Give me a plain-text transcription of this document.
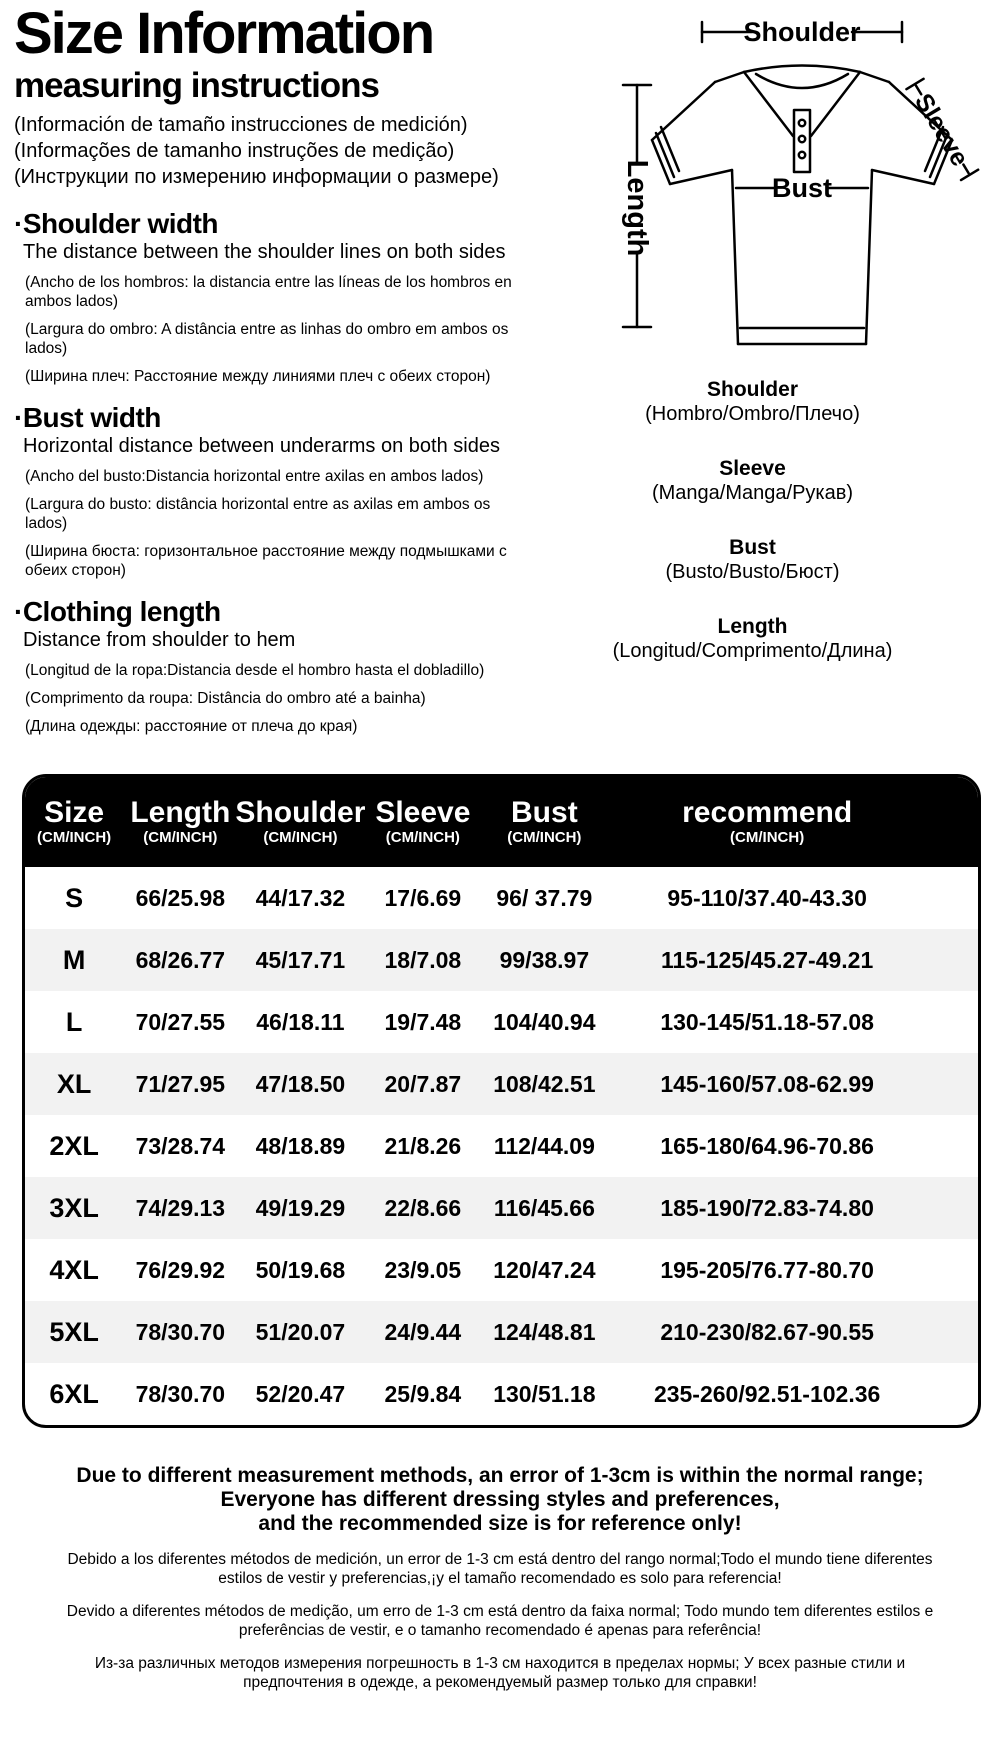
Size Information
measuring instructions

(Información de tamaño instrucciones de medición)

(Informações de tamanho instruções de medição)

(Инструкции по измерению информации о размере)

·Shoulder width

The distance between the shoulder lines on both sides

(Ancho de los hombros: la distancia entre las líneas de los hombros en ambos lados)

(Largura do ombro: A distância entre as linhas do ombro em ambos os lados)

(Ширина плеч: Расстояние между линиями плеч с обеих сторон)

·Bust width

Horizontal distance between underarms on both sides

(Ancho del busto:Distancia horizontal entre axilas en ambos lados)

(Largura do busto: distância horizontal entre as axilas em ambos os lados)

(Ширина бюста: горизонтальное расстояние между подмышками с обеих сторон)

·Clothing length

Distance from shoulder to hem

(Longitud de la ropa:Distancia desde el hombro hasta el dobladillo)

(Comprimento da roupa: Distância do ombro até a bainha)

(Длина одежды: расстояние от плеча до края)

Shoulder
Length
Sleeve
Bust
Shoulder
(Hombro/Ombro/Плечо)
Sleeve
(Manga/Manga/Рукав)
Bust
(Busto/Busto/Бюст)
Length
(Longitud/Comprimento/Длина)
Size
(CM/INCH)
Length
(CM/INCH)
Shoulder
(CM/INCH)
Sleeve
(CM/INCH)
Bust
(CM/INCH)
recommend
(CM/INCH)
S	66/25.98	44/17.32	17/6.69	96/ 37.79	95-110/37.40-43.30
M	68/26.77	45/17.71	18/7.08	99/38.97	115-125/45.27-49.21
L	70/27.55	46/18.11	19/7.48	104/40.94	130-145/51.18-57.08
XL	71/27.95	47/18.50	20/7.87	108/42.51	145-160/57.08-62.99
2XL	73/28.74	48/18.89	21/8.26	112/44.09	165-180/64.96-70.86
3XL	74/29.13	49/19.29	22/8.66	116/45.66	185-190/72.83-74.80
4XL	76/29.92	50/19.68	23/9.05	120/47.24	195-205/76.77-80.70
5XL	78/30.70	51/20.07	24/9.44	124/48.81	210-230/82.67-90.55
6XL	78/30.70	52/20.47	25/9.84	130/51.18	235-260/92.51-102.36

Due to different measurement methods, an error of 1-3cm is within the normal range;

Everyone has different dressing styles and preferences,

and the recommended size is for reference only!

Debido a los diferentes métodos de medición, un error de 1-3 cm está dentro del rango normal;Todo el mundo tiene diferentes estilos de vestir y preferencias,¡y el tamaño recomendado es solo para referencia!

Devido a diferentes métodos de medição, um erro de 1-3 cm está dentro da faixa normal; Todo mundo tem diferentes estilos e preferências de vestir, e o tamanho recomendado é apenas para referência!

Из-за различных методов измерения погрешность в 1-3 см находится в пределах нормы; У всех разные стили и предпочтения в одежде, а рекомендуемый размер только для справки!
